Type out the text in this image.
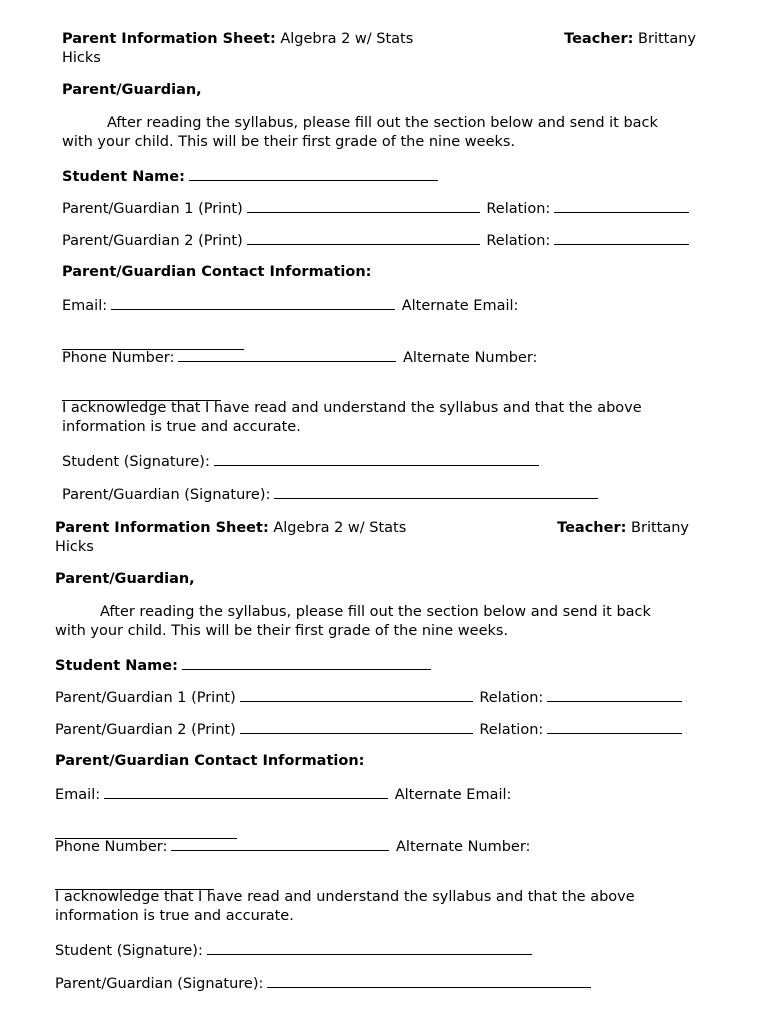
Parent Information Sheet: Algebra 2 w/ Stats	Teacher: Brittany
Hicks
Parent/Guardian,
After reading the syllabus, please fill out the section below and send it back
with your child. This will be their first grade of the nine weeks.
Student Name:
Parent/Guardian 1 (Print)	Relation:
Parent/Guardian 2 (Print)	Relation:
Parent/Guardian Contact Information:
Email:	Alternate Email:
Phone Number:	Alternate Number:
I acknowledge that I have read and understand the syllabus and that the above
information is true and accurate.
Student (Signature):
Parent/Guardian (Signature):
Parent Information Sheet: Algebra 2 w/ Stats	Teacher: Brittany
Hicks
Parent/Guardian,
After reading the syllabus, please fill out the section below and send it back
with your child. This will be their first grade of the nine weeks.
Student Name:
Parent/Guardian 1 (Print)	Relation:
Parent/Guardian 2 (Print)	Relation:
Parent/Guardian Contact Information:
Email:	Alternate Email:
Phone Number:	Alternate Number:
I acknowledge that I have read and understand the syllabus and that the above
information is true and accurate.
Student (Signature):
Parent/Guardian (Signature):
